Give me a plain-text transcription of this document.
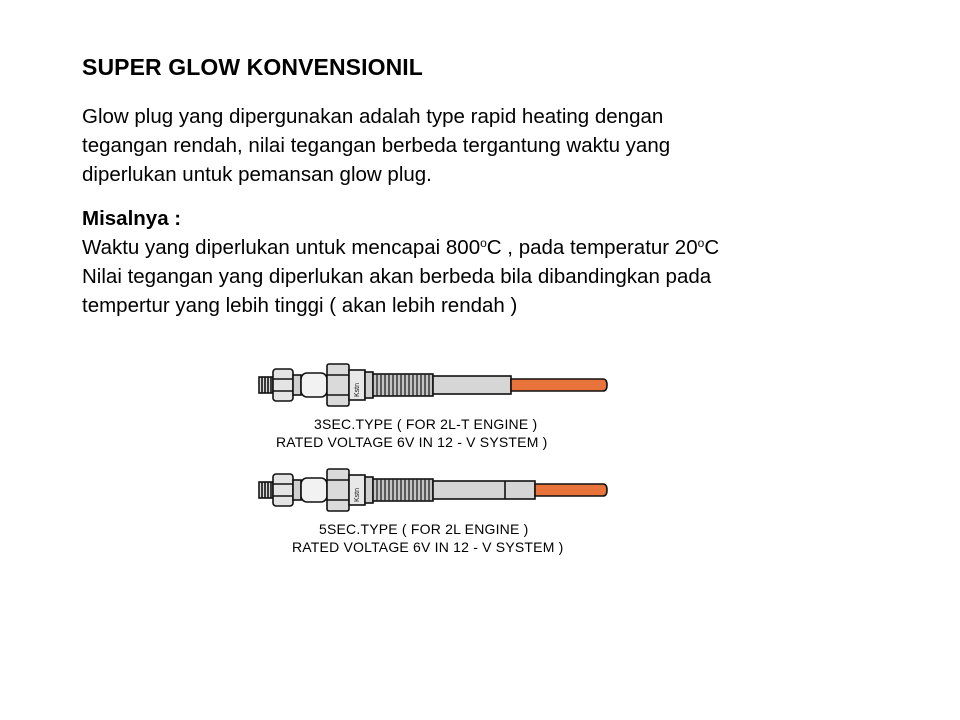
SUPER GLOW KONVENSIONIL
Glow plug yang dipergunakan adalah type rapid heating dengan
tegangan rendah, nilai tegangan berbeda tergantung waktu yang
diperlukan untuk pemansan glow plug.
Misalnya :
Waktu yang diperlukan untuk mencapai 800$^o$C , pada temperatur 20$^o$C
Nilai tegangan yang diperlukan akan berbeda bila dibandingkan pada
tempertur yang lebih tinggi ( akan lebih rendah )
Kstn
3SEC.TYPE ( FOR 2L-T ENGINE )
RATED VOLTAGE 6V IN 12 - V SYSTEM )
Kstn
5SEC.TYPE ( FOR 2L ENGINE )
RATED VOLTAGE 6V IN 12 - V SYSTEM )
